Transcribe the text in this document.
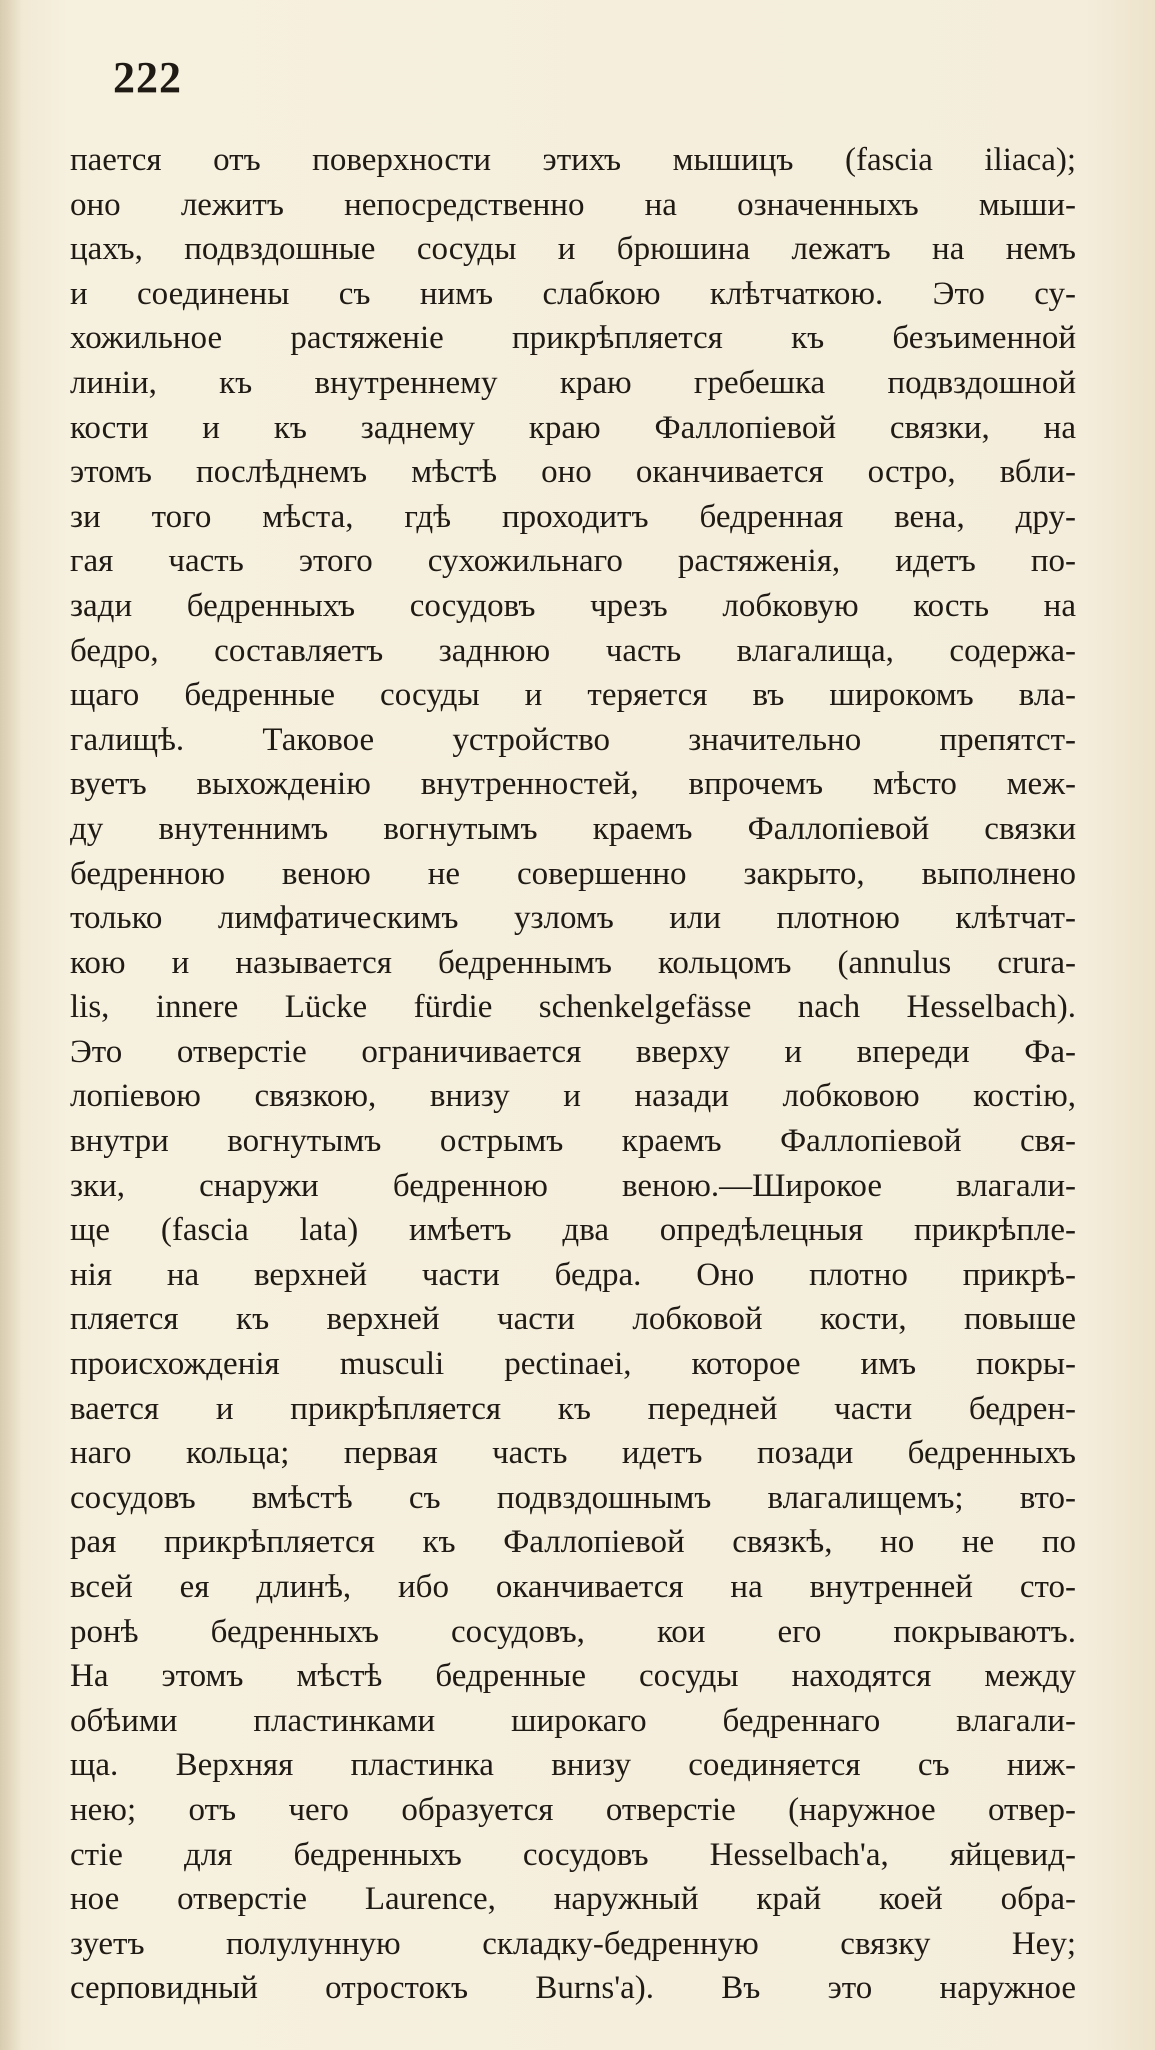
222
пается отъ поверхности этихъ мышицъ (fascia iliaca);
оно лежитъ непосредственно на означенныхъ мыши-
цахъ, подвздошные сосуды и брюшина лежатъ на немъ
и соединены съ нимъ слабкою клѣтчаткою. Это су-
хожильное растяженіе прикрѣпляется къ безъименной
линіи, къ внутреннему краю гребешка подвздошной
кости и къ заднему краю Фаллопіевой связки, на
этомъ послѣднемъ мѣстѣ оно оканчивается остро, вбли-
зи того мѣста, гдѣ проходитъ бедренная вена, дру-
гая часть этого сухожильнаго растяженія, идетъ по-
зади бедренныхъ сосудовъ чрезъ лобковую кость на
бедро, составляетъ заднюю часть влагалища, содержа-
щаго бедренные сосуды и теряется въ широкомъ вла-
галищѣ. Таковое устройство значительно препятст-
вуетъ выхожденію внутренностей, впрочемъ мѣсто меж-
ду внутеннимъ вогнутымъ краемъ Фаллопіевой связки
бедренною веною не совершенно закрыто, выполнено
только лимфатическимъ узломъ или плотною клѣтчат-
кою и называется бедреннымъ кольцомъ (annulus crura-
lis, innere Lücke fürdie schenkelgefässe nach Hesselbach).
Это отверстіе ограничивается вверху и впереди Фа-
лопіевою связкою, внизу и назади лобковою костію,
внутри вогнутымъ острымъ краемъ Фаллопіевой свя-
зки, снаружи бедренною веною.—Широкое влагали-
ще (fascia lata) имѣетъ два опредѣлецныя прикрѣпле-
нія на верхней части бедра. Оно плотно прикрѣ-
пляется къ верхней части лобковой кости, повыше
происхожденія musculi pectinaei, которое имъ покры-
вается и прикрѣпляется къ передней части бедрен-
наго кольца; первая часть идетъ позади бедренныхъ
сосудовъ вмѣстѣ съ подвздошнымъ влагалищемъ; вто-
рая прикрѣпляется къ Фаллопіевой связкѣ, но не по
всей ея длинѣ, ибо оканчивается на внутренней сто-
ронѣ бедренныхъ сосудовъ, кои его покрываютъ.
На этомъ мѣстѣ бедренные сосуды находятся между
обѣими пластинками широкаго бедреннаго влагали-
ща. Верхняя пластинка внизу соединяется съ ниж-
нею; отъ чего образуется отверстіе (наружное отвер-
стіе для бедренныхъ сосудовъ Hesselbach'a, яйцевид-
ное отверстіе Laurence, наружный край коей обра-
зуетъ полулунную складку-бедренную связку Hey;
серповидный отростокъ Burns'a). Въ это наружное
